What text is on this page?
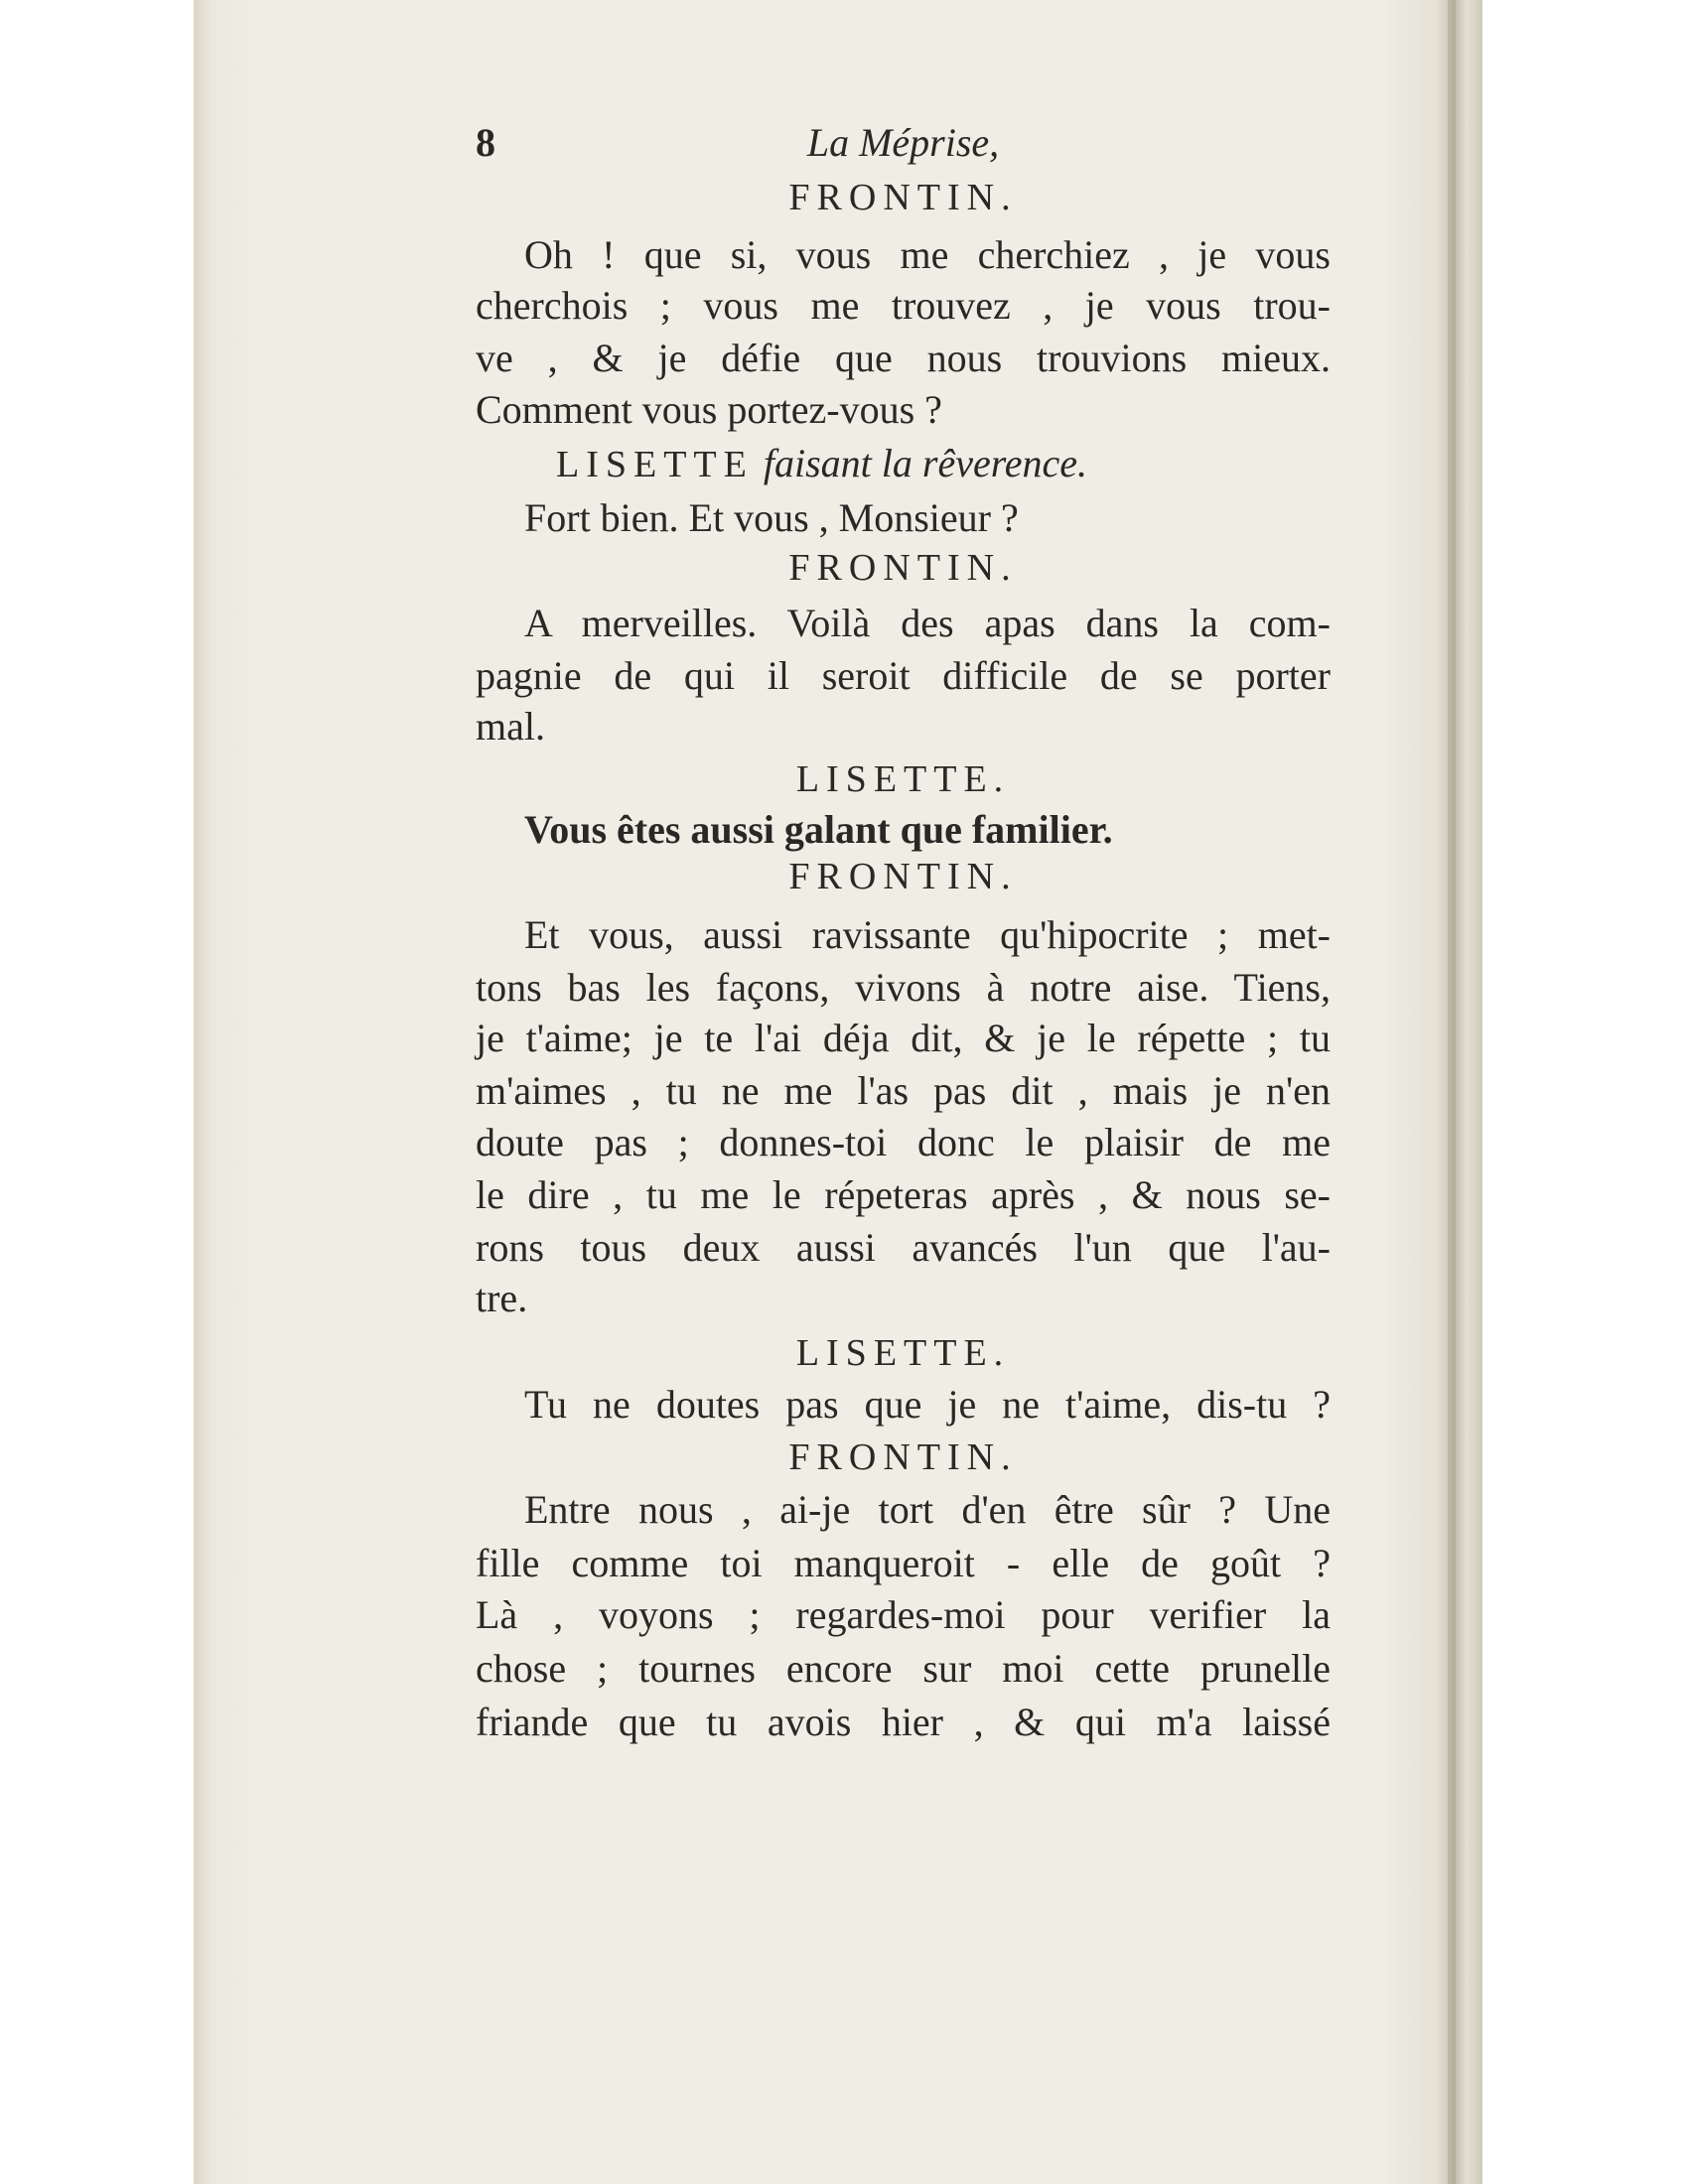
8	La Méprise,
FRONTIN.
Oh ! que si, vous me cherchiez , je vous
cherchois ; vous me trouvez , je vous trou-
ve , & je défie que nous trouvions mieux.
Comment vous portez-vous ?
LISETTE faisant la rêverence.
Fort bien. Et vous , Monsieur ?
FRONTIN.
A merveilles. Voilà des apas dans la com-
pagnie de qui il seroit difficile de se porter
mal.
LISETTE.
Vous êtes aussi galant que familier.
FRONTIN.
Et vous, aussi ravissante qu'hipocrite ; met-
tons bas les façons, vivons à notre aise. Tiens,
je t'aime; je te l'ai déja dit, & je le répette ; tu
m'aimes , tu ne me l'as pas dit , mais je n'en
doute pas ; donnes-toi donc le plaisir de me
le dire , tu me le répeteras après , & nous se-
rons tous deux aussi avancés l'un que l'au-
tre.
LISETTE.
Tu ne doutes pas que je ne t'aime, dis-tu ?
FRONTIN.
Entre nous , ai-je tort d'en être sûr ? Une
fille comme toi manqueroit - elle de goût ?
Là , voyons ; regardes-moi pour verifier la
chose ; tournes encore sur moi cette prunelle
friande que tu avois hier , & qui m'a laissé
